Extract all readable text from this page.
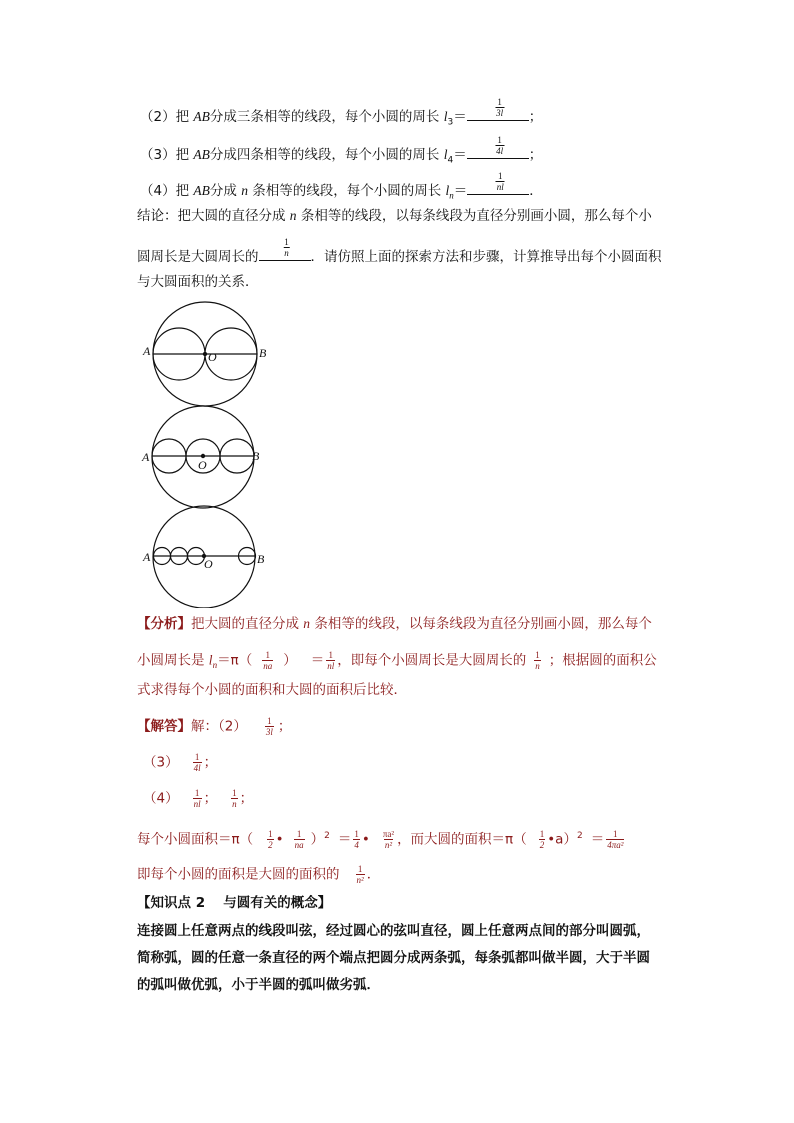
（2）把 AB分成三条相等的线段，每个小圆的周长 $l_3=$	$\frac{1}{3l}$ ；
（3）把 AB分成四条相等的线段，每个小圆的周长 $l_4=$	$\frac{1}{4l}$ ；
（4）把 AB分成 n 条相等的线段，每个小圆的周长 $l_n=$	$\frac{1}{nl}$ ．
结论：把大圆的直径分成 n 条相等的线段，以每条线段为直径分别画小圆，那么每个小
圆周长是大圆周长的	$\frac{1}{n}$ ．请仿照上面的探索方法和步骤，计算推导出每个小圆面积
与大圆面积的关系．
A	B
O
A	B
O
A	B
O
【分析】把大圆的直径分成 n 条相等的线段，以每条线段为直径分别画小圆，那么每个
小圆周长是 $l_n=\pi( \frac{1}{na}$ ） ＝ $\frac{1}{nl}$ ，即每个小圆周长是大圆周长的 $\frac{1}{n}$ ；根据圆的面积公
式求得每个小圆的面积和大圆的面积后比较．
【解答】解：$(2) \frac{1}{3l}$ ；
$(3) \frac{1}{4l}$ ；
$(4) \frac{1}{nl}$ ； $\frac{1}{n}$ ；
每个小圆面积$=\pi( \frac{1}{2}$ • $\frac{1}{na} )^2 = \frac{1}{4}$ • $\frac{\text{πa²}}{\text{n²}}$ ，而大圆的面积$=\pi( \frac{1}{2}$ •a）$^2$ ＝ $\frac{1}{\text{4πa²}}$
即每个小圆的面积是大圆的面积的 $\frac{1}{\text{n²}}$ ．
【知识点 2　 与圆有关的概念】
连接圆上任意两点的线段叫弦，经过圆心的弦叫直径，圆上任意两点间的部分叫圆弧，
简称弧，圆的任意一条直径的两个端点把圆分成两条弧，每条弧都叫做半圆，大于半圆
的弧叫做优弧，小于半圆的弧叫做劣弧．
